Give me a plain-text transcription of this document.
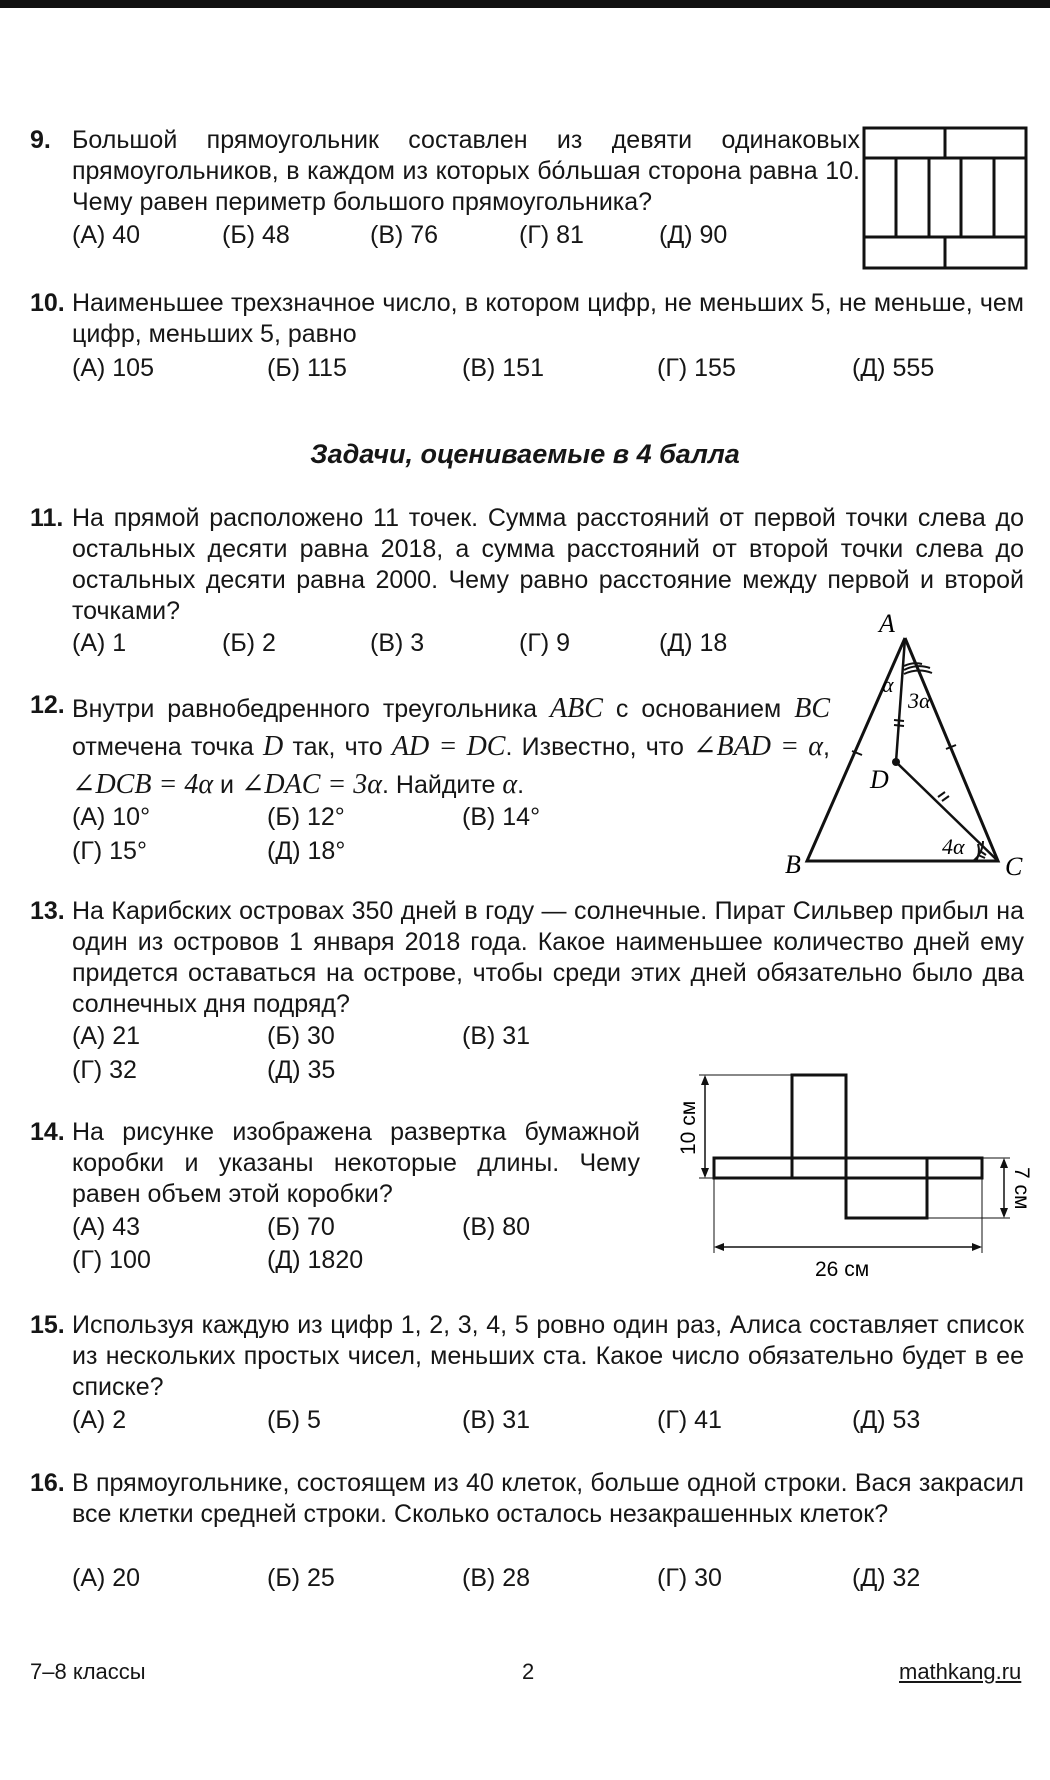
9. Большой прямоугольник составлен из девяти одинаковых прямоугольников, в каждом из которых бо́льшая сторона равна 10. Чему равен периметр большого прямоугольника?
(А) 40	(Б) 48	(В) 76	(Г) 81	(Д) 90
10. Наименьшее трехзначное число, в котором цифр, не меньших 5, не меньше, чем цифр, меньших 5, равно
(А) 105	(Б) 115	(В) 151	(Г) 155	(Д) 555
Задачи, оцениваемые в 4 балла
11. На прямой расположено 11 точек. Сумма расстояний от первой точки слева до остальных десяти равна 2018, а сумма расстояний от второй точки слева до остальных десяти равна 2000. Чему равно расстояние между первой и второй точками?
(А) 1	(Б) 2	(В) 3	(Г) 9	(Д) 18
12. Внутри равнобедренного треугольника ABC с основанием BC отмечена точка D так, что AD = DC. Известно, что ∠BAD = α, ∠DCB = 4α и ∠DAC = 3α. Найдите α.
(А) 10°	(Б) 12°	(В) 14°
(Г) 15°	(Д) 18°
A
B	C
D
α
3α
4α
13. На Карибских островах 350 дней в году — солнечные. Пират Сильвер прибыл на один из островов 1 января 2018 года. Какое наименьшее количество дней ему придется оставаться на острове, чтобы среди этих дней обязательно было два солнечных дня подряд?
(А) 21	(Б) 30	(В) 31
(Г) 32	(Д) 35
14. На рисунке изображена развертка бумажной коробки и указаны некоторые длины. Чему равен объем этой коробки?
(А) 43	(Б) 70	(В) 80
(Г) 100	(Д) 1820
10 см
7 см
26 см
15. Используя каждую из цифр 1, 2, 3, 4, 5 ровно один раз, Алиса составляет список из нескольких простых чисел, меньших ста. Какое число обязательно будет в ее списке?
(А) 2	(Б) 5	(В) 31	(Г) 41	(Д) 53
16. В прямоугольнике, состоящем из 40 клеток, больше одной строки. Вася закрасил все клетки средней строки. Сколько осталось незакрашенных клеток?
(А) 20	(Б) 25	(В) 28	(Г) 30	(Д) 32
7–8 классы	2	mathkang.ru
